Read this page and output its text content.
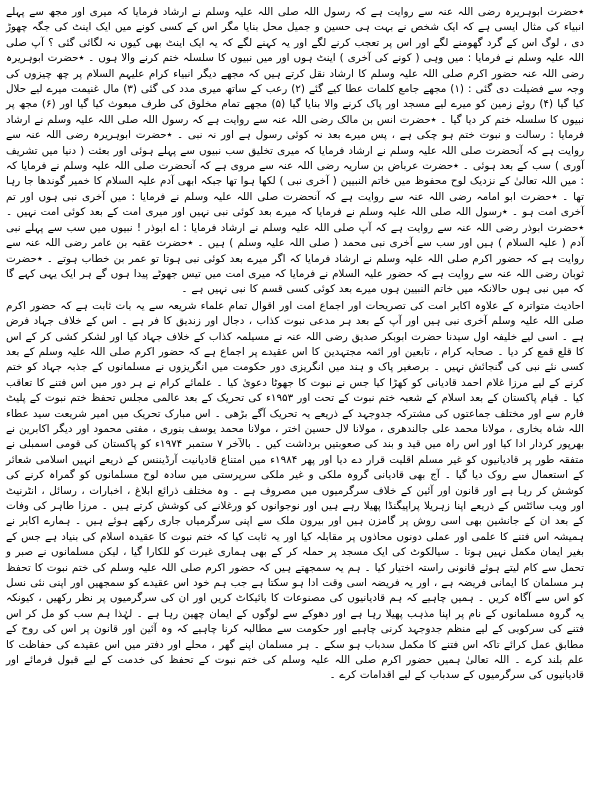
٭حضرت ابوہریرہ رضی اللہ عنہ سے روایت ہے کہ رسول اللہ صلی اللہ علیہ وسلم نے ارشاد فرمایا کہ میری اور مجھ سے پہلے انبیاء کی مثال ایسی ہے کہ ایک شخص نے بہت ہی حسین و جمیل محل بنایا مگر اس کے کسی کونے میں ایک اینٹ کی جگہ چھوڑ دی ، لوگ اس کے گرد گھومنے لگے اور اس پر تعجب کرنے لگے اور یہ کہنے لگے کہ یہ ایک اینٹ بھی کیوں نہ لگائی گئی ؟ آپ صلی اللہ علیہ وسلم نے فرمایا : میں وہی ( کونے کی آخری ) اینٹ ہوں اور میں نبیوں کا سلسلہ ختم کرنے والا ہوں ۔ ٭حضرت ابوہریرہ رضی اللہ عنہ حضور اکرم صلی اللہ علیہ وسلم کا ارشاد نقل کرتے ہیں کہ مجھے دیگر انبیاء کرام علیہم السلام پر چھ چیزوں کی وجہ سے فضیلت دی گئی : (۱) مجھے جامع کلمات عطا کیے گئے (۲) رعب کے ساتھ میری مدد کی گئی (۳) مال غنیمت میرے لیے حلال کیا گیا (۴) روئے زمین کو میرے لیے مسجد اور پاک کرنے والا بنایا گیا (۵) مجھے تمام مخلوق کی طرف مبعوث کیا گیا اور (۶) مجھ پر نبیوں کا سلسلہ ختم کر دیا گیا ۔ ٭حضرت انس بن مالک رضی اللہ عنہ سے روایت ہے کہ رسول اللہ صلی اللہ علیہ وسلم نے ارشاد فرمایا : رسالت و نبوت ختم ہو چکی ہے ، پس میرے بعد نہ کوئی رسول ہے اور نہ نبی ۔ ٭حضرت ابوہریرہ رضی اللہ عنہ سے روایت ہے کہ آنحضرت صلی اللہ علیہ وسلم نے ارشاد فرمایا کہ میری تخلیق سب نبیوں سے پہلے ہوئی اور بعثت ( دنیا میں تشریف آوری ) سب کے بعد ہوئی ۔ ٭حضرت عرباض بن ساریہ رضی اللہ عنہ سے مروی ہے کہ آنحضرت صلی اللہ علیہ وسلم نے فرمایا کہ : میں اللہ تعالیٰ کے نزدیک لوح محفوظ میں خاتم النبیین ( آخری نبی ) لکھا ہوا تھا جبکہ ابھی آدم علیہ السلام کا خمیر گوندھا جا رہا تھا ۔ ٭حضرت ابو امامہ رضی اللہ عنہ سے روایت ہے کہ آنحضرت صلی اللہ علیہ وسلم نے فرمایا : میں آخری نبی ہوں اور تم آخری امت ہو ۔ ٭رسول اللہ صلی اللہ علیہ وسلم نے فرمایا کہ میرے بعد کوئی نبی نہیں اور میری امت کے بعد کوئی امت نہیں ۔ ٭حضرت ابوذر رضی اللہ عنہ سے روایت ہے کہ آپ صلی اللہ علیہ وسلم نے ارشاد فرمایا : اے ابوذر ! نبیوں میں سب سے پہلے نبی آدم ( علیہ السلام ) ہیں اور سب سے آخری نبی محمد ( صلی اللہ علیہ وسلم ) ہیں ۔ ٭حضرت عقبہ بن عامر رضی اللہ عنہ سے روایت ہے کہ حضور اکرم صلی اللہ علیہ وسلم نے ارشاد فرمایا کہ اگر میرے بعد کوئی نبی ہوتا تو عمر بن خطاب ہوتے ۔ ٭حضرت ثوبان رضی اللہ عنہ سے روایت ہے کہ حضور علیہ السلام نے فرمایا کہ میری امت میں تیس جھوٹے پیدا ہوں گے ہر ایک یہی کہے گا کہ میں نبی ہوں حالانکہ میں خاتم النبیین ہوں میرے بعد کوئی کسی قسم کا نبی نہیں ہے ۔

احادیث متواترہ کے علاوہ اکابر امت کی تصریحات اور اجماع امت اور اقوال تمام علماء شریعہ سے یہ بات ثابت ہے کہ حضور اکرم صلی اللہ علیہ وسلم آخری نبی ہیں اور آپ کے بعد ہر مدعی نبوت کذاب ، دجال اور زندیق کا فر ہے ۔ اس کے خلاف جہاد فرض ہے ۔ اسی لیے خلیفہ اول سیدنا حضرت ابوبکر صدیق رضی اللہ عنہ نے مسیلمہ کذاب کے خلاف جہاد کیا اور لشکر کشی کر کے اس کا قلع قمع کر دیا ۔ صحابہ کرام ، تابعین اور ائمہ مجتہدین کا اس عقیدے پر اجماع ہے کہ حضور اکرم صلی اللہ علیہ وسلم کے بعد کسی نئے نبی کی گنجائش نہیں ۔ برصغیر پاک و ہند میں انگریزی دور حکومت میں انگریزوں نے مسلمانوں کے جذبہ جہاد کو ختم کرنے کے لیے مرزا غلام احمد قادیانی کو کھڑا کیا جس نے نبوت کا جھوٹا دعویٰ کیا ۔ علمائے کرام نے ہر دور میں اس فتنے کا تعاقب کیا ۔ قیام پاکستان کے بعد اسلام کے شعبہ ختم نبوت کے تحت اور ۱۹۵۳ء کی تحریک کے بعد عالمی مجلس تحفظ ختم نبوت کے پلیٹ فارم سے اور مختلف جماعتوں کی مشترکہ جدوجہد کے ذریعے یہ تحریک آگے بڑھی ۔ اس مبارک تحریک میں امیر شریعت سید عطاء اللہ شاہ بخاری ، مولانا محمد علی جالندھری ، مولانا لال حسین اختر ، مولانا محمد یوسف بنوری ، مفتی محمود اور دیگر اکابرین نے بھرپور کردار ادا کیا اور اس راہ میں قید و بند کی صعوبتیں برداشت کیں ۔ بالآخر ۷ ستمبر ۱۹۷۴ء کو پاکستان کی قومی اسمبلی نے متفقہ طور پر قادیانیوں کو غیر مسلم اقلیت قرار دے دیا اور پھر ۱۹۸۴ء میں امتناع قادیانیت آرڈیننس کے ذریعے انہیں اسلامی شعائر کے استعمال سے روک دیا گیا ۔ آج بھی قادیانی گروہ ملکی و غیر ملکی سرپرستی میں سادہ لوح مسلمانوں کو گمراہ کرنے کی کوشش کر رہا ہے اور قانون اور آئین کے خلاف سرگرمیوں میں مصروف ہے ۔ وہ مختلف ذرائع ابلاغ ، اخبارات ، رسائل ، انٹرنیٹ اور ویب سائٹس کے ذریعے اپنا زہریلا پراپیگنڈا پھیلا رہے ہیں اور نوجوانوں کو ورغلانے کی کوشش کرتے ہیں ۔ مرزا طاہر کی وفات کے بعد ان کے جانشین بھی اسی روش پر گامزن ہیں اور بیرون ملک سے اپنی سرگرمیاں جاری رکھے ہوئے ہیں ۔ ہمارے اکابر نے ہمیشہ اس فتنے کا علمی اور عملی دونوں محاذوں پر مقابلہ کیا اور یہ ثابت کیا کہ ختم نبوت کا عقیدہ اسلام کی بنیاد ہے جس کے بغیر ایمان مکمل نہیں ہوتا ۔ سیالکوٹ کی ایک مسجد پر حملہ کر کے بھی ہماری غیرت کو للکارا گیا ، لیکن مسلمانوں نے صبر و تحمل سے کام لیتے ہوئے قانونی راستہ اختیار کیا ۔ ہم یہ سمجھتے ہیں کہ حضور اکرم صلی اللہ علیہ وسلم کی ختم نبوت کا تحفظ ہر مسلمان کا ایمانی فریضہ ہے ، اور یہ فریضہ اسی وقت ادا ہو سکتا ہے جب ہم خود اس عقیدے کو سمجھیں اور اپنی نئی نسل کو اس سے آگاہ کریں ۔ ہمیں چاہیے کہ ہم قادیانیوں کی مصنوعات کا بائیکاٹ کریں اور ان کی سرگرمیوں پر نظر رکھیں ، کیونکہ یہ گروہ مسلمانوں کے نام پر اپنا مذہب پھیلا رہا ہے اور دھوکے سے لوگوں کے ایمان چھین رہا ہے ۔ لہٰذا ہم سب کو مل کر اس فتنے کی سرکوبی کے لیے منظم جدوجہد کرنی چاہیے اور حکومت سے مطالبہ کرنا چاہیے کہ وہ آئین اور قانون پر اس کی روح کے مطابق عمل کرائے تاکہ اس فتنے کا مکمل سدباب ہو سکے ۔ ہر مسلمان اپنے گھر ، محلے اور دفتر میں اس عقیدے کی حفاظت کا علم بلند کرے ۔ اللہ تعالیٰ ہمیں حضور اکرم صلی اللہ علیہ وسلم کی ختم نبوت کے تحفظ کی خدمت کے لیے قبول فرمائے اور قادیانیوں کی سرگرمیوں کے سدباب کے لیے اقدامات کرے ۔
